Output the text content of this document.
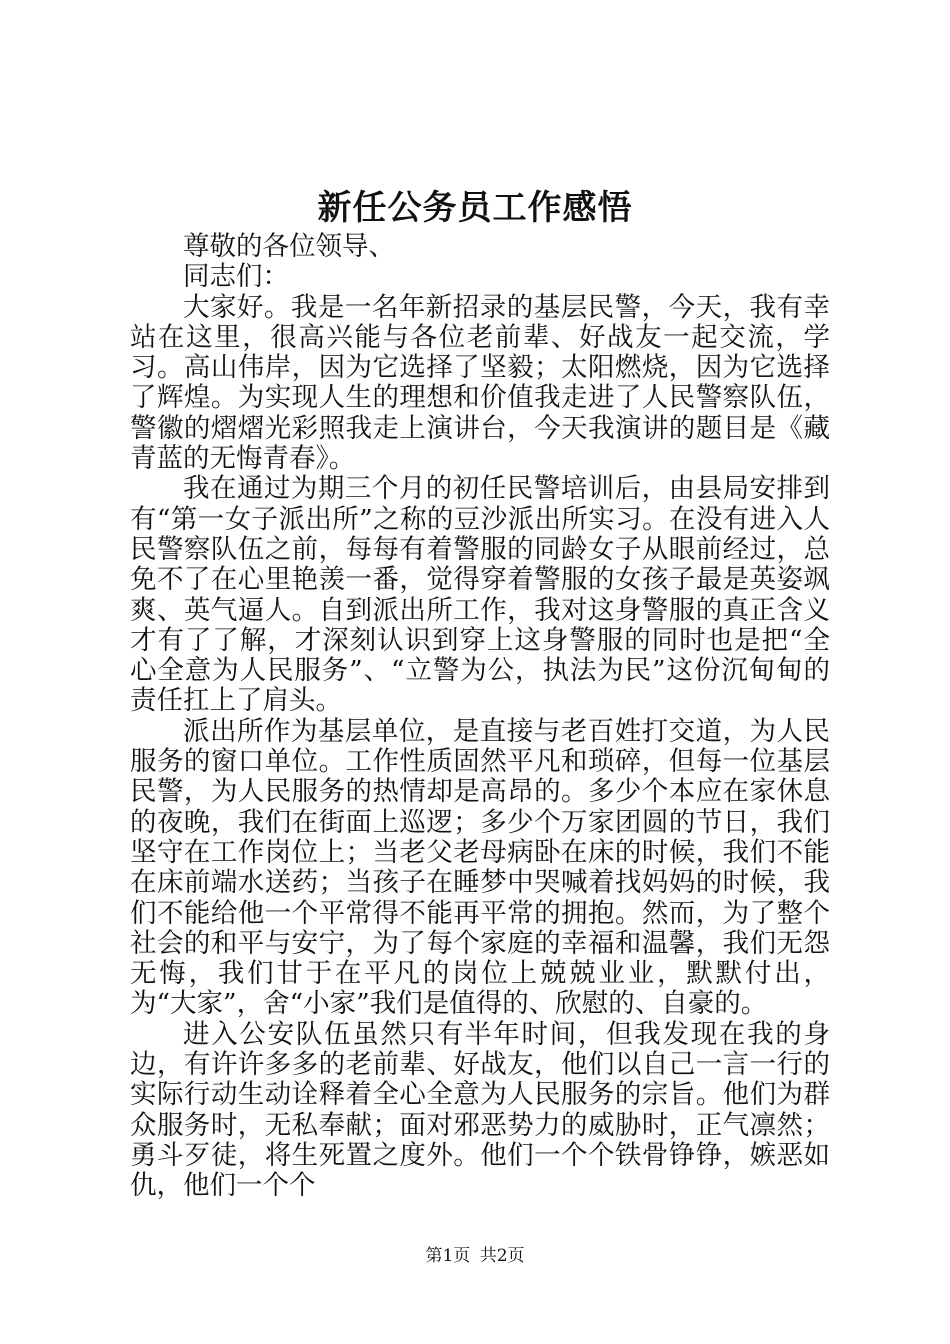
新任公务员工作感悟

尊敬的各位领导、

同志们：

大家好。我是一名年新招录的基层民警，今天，我有幸站在这里，很高兴能与各位老前辈、好战友一起交流，学习。高山伟岸，因为它选择了坚毅；太阳燃烧，因为它选择了辉煌。为实现人生的理想和价值我走进了人民警察队伍，警徽的熠熠光彩照我走上演讲台，今天我演讲的题目是《藏青蓝的无悔青春》。

我在通过为期三个月的初任民警培训后，由县局安排到有“第一女子派出所”之称的豆沙派出所实习。在没有进入人民警察队伍之前，每每有着警服的同龄女子从眼前经过，总免不了在心里艳羡一番，觉得穿着警服的女孩子最是英姿飒爽、英气逼人。自到派出所工作，我对这身警服的真正含义才有了了解，才深刻认识到穿上这身警服的同时也是把“全心全意为人民服务”、“立警为公，执法为民”这份沉甸甸的责任扛上了肩头。

派出所作为基层单位，是直接与老百姓打交道，为人民服务的窗口单位。工作性质固然平凡和琐碎，但每一位基层民警，为人民服务的热情却是高昂的。多少个本应在家休息的夜晚，我们在街面上巡逻；多少个万家团圆的节日，我们坚守在工作岗位上；当老父老母病卧在床的时候，我们不能在床前端水送药；当孩子在睡梦中哭喊着找妈妈的时候，我们不能给他一个平常得不能再平常的拥抱。然而，为了整个社会的和平与安宁，为了每个家庭的幸福和温馨，我们无怨无悔，我们甘于在平凡的岗位上兢兢业业，默默付出，为“大家”，舍“小家”我们是值得的、欣慰的、自豪的。

进入公安队伍虽然只有半年时间，但我发现在我的身边，有许许多多的老前辈、好战友，他们以自己一言一行的实际行动生动诠释着全心全意为人民服务的宗旨。他们为群众服务时，无私奉献；面对邪恶势力的威胁时，正气凛然；勇斗歹徒，将生死置之度外。他们一个个铁骨铮铮，嫉恶如仇，他们一个个

第1页 共2页
